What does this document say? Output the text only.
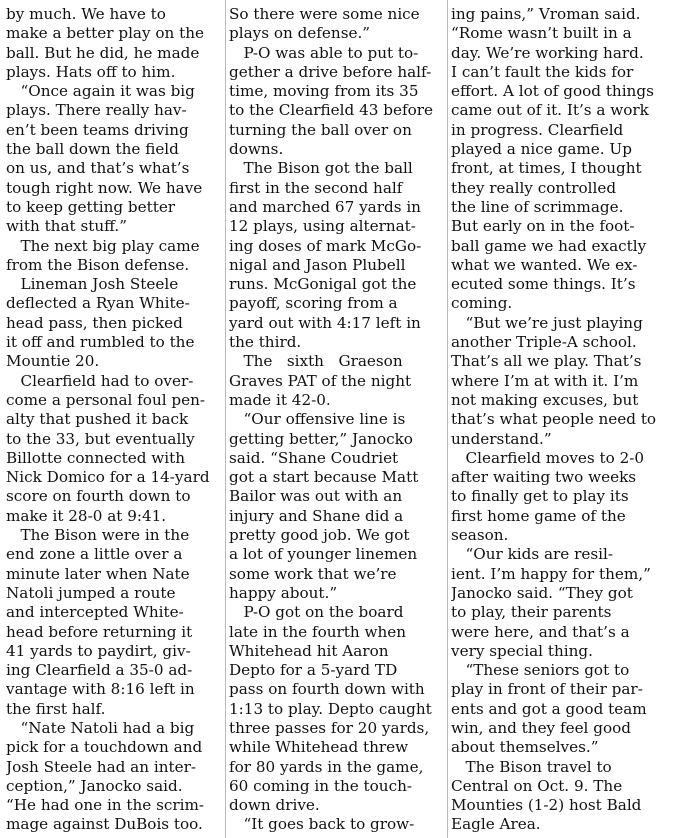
by much. We have to
make a better play on the
ball. But he did, he made
plays. Hats off to him.
“Once again it was big
plays. There really hav-
en’t been teams driving
the ball down the field
on us, and that’s what’s
tough right now. We have
to keep getting better
with that stuff.”
The next big play came
from the Bison defense.
Lineman Josh Steele
deflected a Ryan White-
head pass, then picked
it off and rumbled to the
Mountie 20.
Clearfield had to over-
come a personal foul pen-
alty that pushed it back
to the 33, but eventually
Billotte connected with
Nick Domico for a 14-yard
score on fourth down to
make it 28-0 at 9:41.
The Bison were in the
end zone a little over a
minute later when Nate
Natoli jumped a route
and intercepted White-
head before returning it
41 yards to paydirt, giv-
ing Clearfield a 35-0 ad-
vantage with 8:16 left in
the first half.
“Nate Natoli had a big
pick for a touchdown and
Josh Steele had an inter-
ception,” Janocko said.
“He had one in the scrim-
mage against DuBois too.
So there were some nice
plays on defense.”
P-O was able to put to-
gether a drive before half-
time, moving from its 35
to the Clearfield 43 before
turning the ball over on
downs.
The Bison got the ball
first in the second half
and marched 67 yards in
12 plays, using alternat-
ing doses of mark McGo-
nigal and Jason Plubell
runs. McGonigal got the
payoff, scoring from a
yard out with 4:17 left in
the third.
The   sixth   Graeson
Graves PAT of the night
made it 42-0.
“Our offensive line is
getting better,” Janocko
said. “Shane Coudriet
got a start because Matt
Bailor was out with an
injury and Shane did a
pretty good job. We got
a lot of younger linemen
some work that we’re
happy about.”
P-O got on the board
late in the fourth when
Whitehead hit Aaron
Depto for a 5-yard TD
pass on fourth down with
1:13 to play. Depto caught
three passes for 20 yards,
while Whitehead threw
for 80 yards in the game,
60 coming in the touch-
down drive.
“It goes back to grow-
ing pains,” Vroman said.
“Rome wasn’t built in a
day. We’re working hard.
I can’t fault the kids for
effort. A lot of good things
came out of it. It’s a work
in progress. Clearfield
played a nice game. Up
front, at times, I thought
they really controlled
the line of scrimmage.
But early on in the foot-
ball game we had exactly
what we wanted. We ex-
ecuted some things. It’s
coming.
“But we’re just playing
another Triple-A school.
That’s all we play. That’s
where I’m at with it. I’m
not making excuses, but
that’s what people need to
understand.”
Clearfield moves to 2-0
after waiting two weeks
to finally get to play its
first home game of the
season.
“Our kids are resil-
ient. I’m happy for them,”
Janocko said. “They got
to play, their parents
were here, and that’s a
very special thing.
“These seniors got to
play in front of their par-
ents and got a good team
win, and they feel good
about themselves.”
The Bison travel to
Central on Oct. 9. The
Mounties (1-2) host Bald
Eagle Area.
